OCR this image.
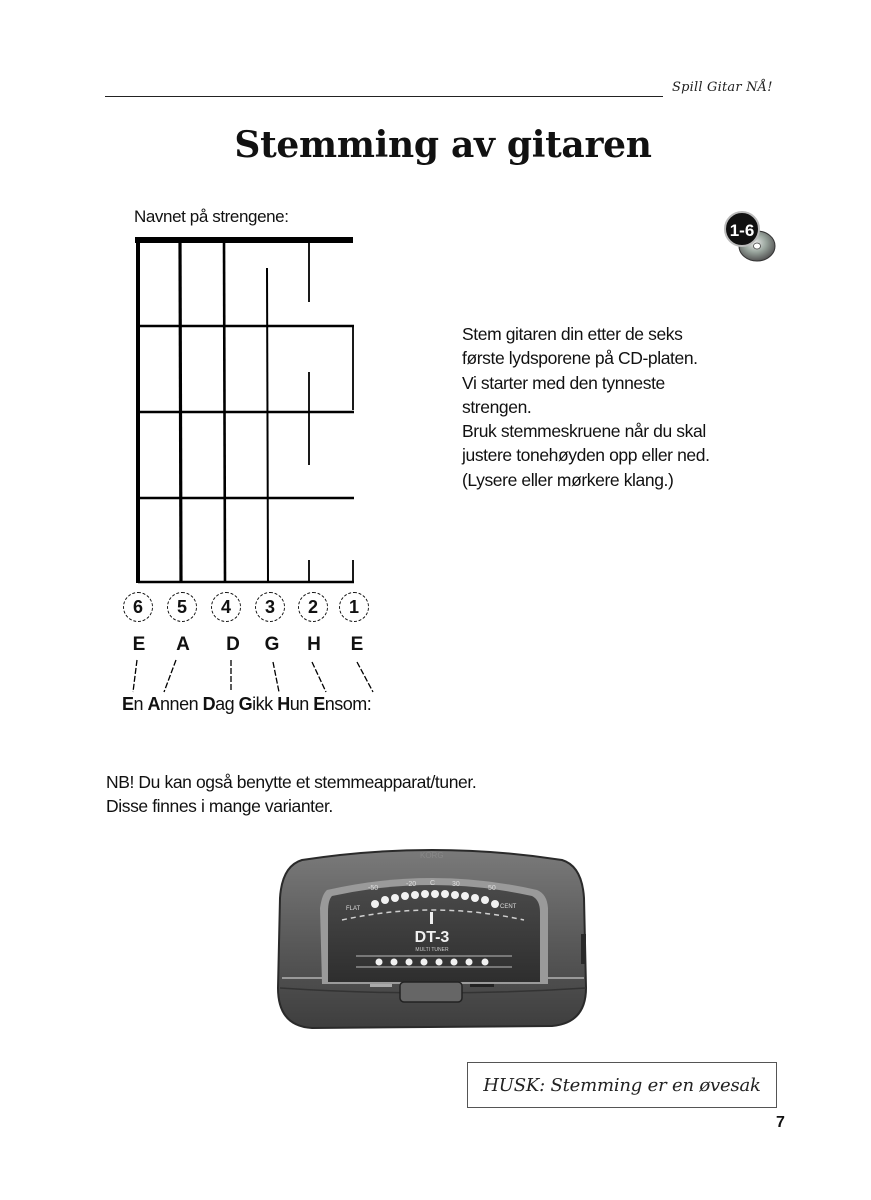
Spill Gitar NÅ!
Stemming av gitaren
Navnet på strengene:
1-6
Stem gitaren din etter de seks
første lydsporene på CD-platen.
Vi starter med den tynneste
strengen.
Bruk stemmeskruene når du skal
justere tonehøyden opp eller ned.
(Lysere eller mørkere klang.)
6	5	4	3	2	1
E A D G H E
En Annen Dag Gikk Hun Ensom:
NB! Du kan også benytte et stemmeapparat/tuner.
Disse finnes i mange varianter.
KORG
-50
-20 C 30
50
FLAT	CENT
DT-3
MULTI TUNER
HUSK: Stemming er en øvesak
7
